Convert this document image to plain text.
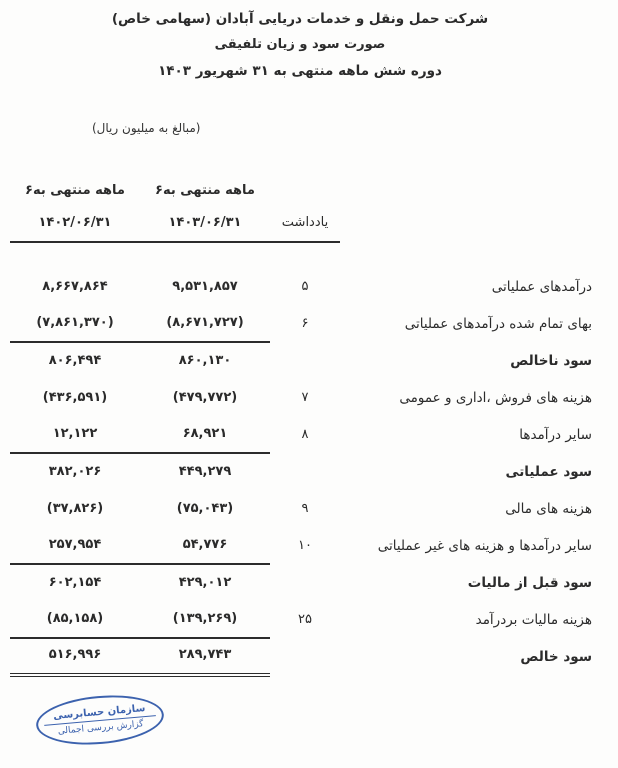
شرکت حمل ونقل و خدمات دریایی آبادان (سهامی خاص)
صورت سود و زیان تلفیقی
دوره شش ماهه منتهی به ۳۱ شهریور ۱۴۰۳
(مبالغ به میلیون ریال)
۶ماهه منتهی به
۶ماهه منتهی به
یادداشت
۱۴۰۳/۰۶/۳۱
۱۴۰۲/۰۶/۳۱
درآمدهای عملیاتی
۵
۹,۵۳۱,۸۵۷
۸,۶۶۷,۸۶۴
بهای تمام شده درآمدهای عملیاتی
۶
(۸,۶۷۱,۷۲۷)
(۷,۸۶۱,۳۷۰)
سود ناخالص
۸۶۰,۱۳۰
۸۰۶,۴۹۴
هزینه های فروش ،اداری و عمومی
۷
(۴۷۹,۷۷۲)
(۴۳۶,۵۹۱)
سایر درآمدها
۸
۶۸,۹۲۱
۱۲,۱۲۲
سود عملیاتی
۴۴۹,۲۷۹
۳۸۲,۰۲۶
هزینه های مالی
۹
(۷۵,۰۴۳)
(۳۷,۸۲۶)
سایر درآمدها و هزینه های غیر عملیاتی
۱۰
۵۴,۷۷۶
۲۵۷,۹۵۴
سود قبل از مالیات
۴۲۹,۰۱۲
۶۰۲,۱۵۴
هزینه مالیات بردرآمد
۲۵
(۱۳۹,۲۶۹)
(۸۵,۱۵۸)
سود خالص
۲۸۹,۷۴۳
۵۱۶,۹۹۶
سازمان حسابرسی
گزارش بررسی اجمالی
